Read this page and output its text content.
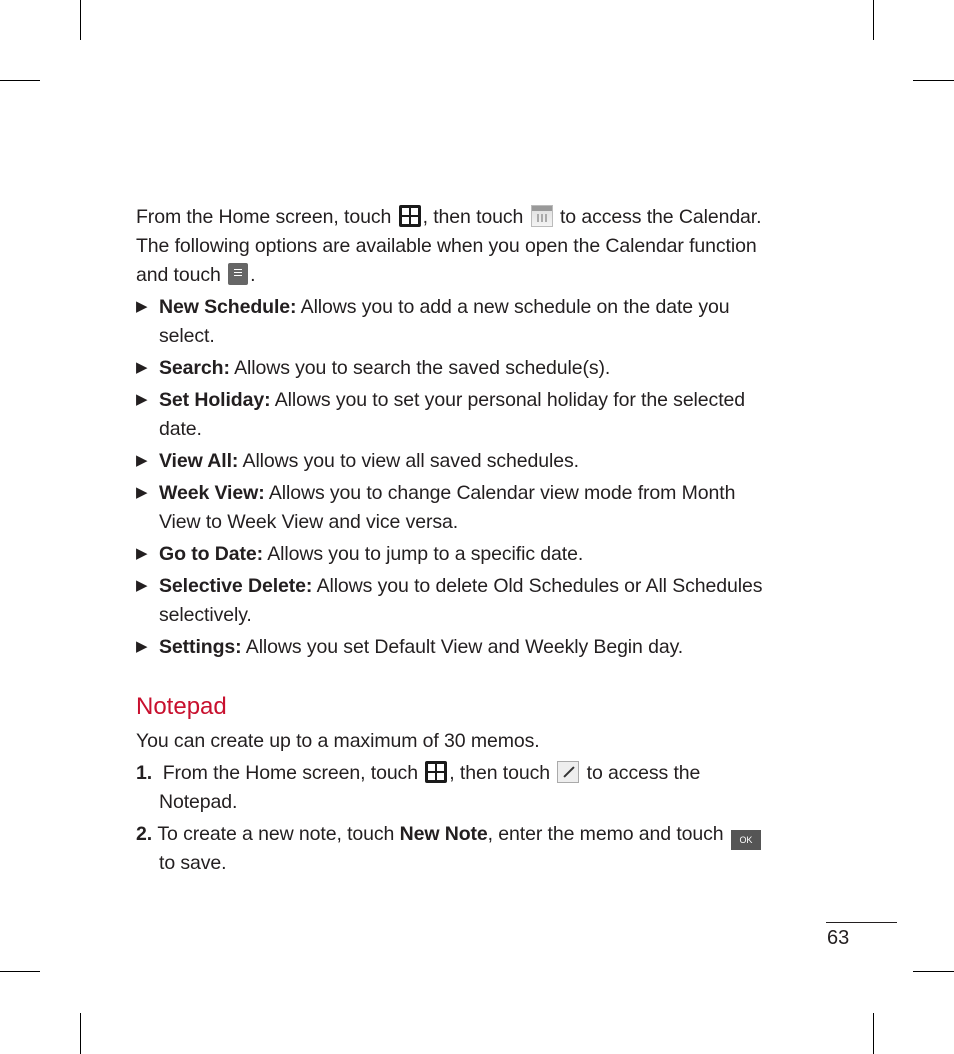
From the Home screen, touch , then touch to access the Calendar.
The following options are available when you open the Calendar function
and touch .
▶ New Schedule: Allows you to add a new schedule on the date you
select.
▶ Search: Allows you to search the saved schedule(s).
▶ Set Holiday: Allows you to set your personal holiday for the selected
date.
▶ View All: Allows you to view all saved schedules.
▶ Week View: Allows you to change Calendar view mode from Month
View to Week View and vice versa.
▶ Go to Date: Allows you to jump to a specific date.
▶ Selective Delete: Allows you to delete Old Schedules or All Schedules
selectively.
▶ Settings: Allows you set Default View and Weekly Begin day.
Notepad
You can create up to a maximum of 30 memos.
1. From the Home screen, touch , then touch to access the
Notepad.
2. To create a new note, touch New Note, enter the memo and touch OK
to save.
63
